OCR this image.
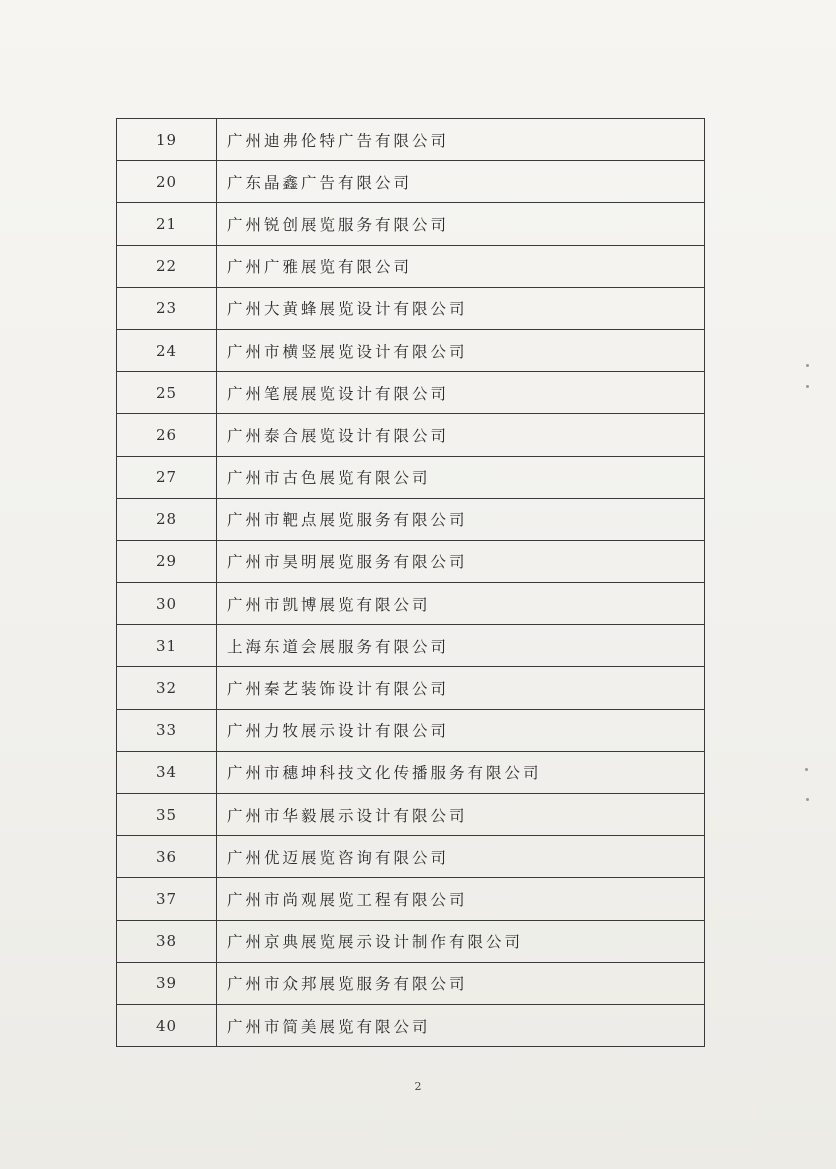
19	广州迪弗伦特广告有限公司
20	广东晶鑫广告有限公司
21	广州锐创展览服务有限公司
22	广州广雅展览有限公司
23	广州大黄蜂展览设计有限公司
24	广州市横竖展览设计有限公司
25	广州笔展展览设计有限公司
26	广州泰合展览设计有限公司
27	广州市古色展览有限公司
28	广州市靶点展览服务有限公司
29	广州市昊明展览服务有限公司
30	广州市凯博展览有限公司
31	上海东道会展服务有限公司
32	广州秦艺装饰设计有限公司
33	广州力牧展示设计有限公司
34	广州市穗坤科技文化传播服务有限公司
35	广州市华毅展示设计有限公司
36	广州优迈展览咨询有限公司
37	广州市尚观展览工程有限公司
38	广州京典展览展示设计制作有限公司
39	广州市众邦展览服务有限公司
40	广州市简美展览有限公司
2
